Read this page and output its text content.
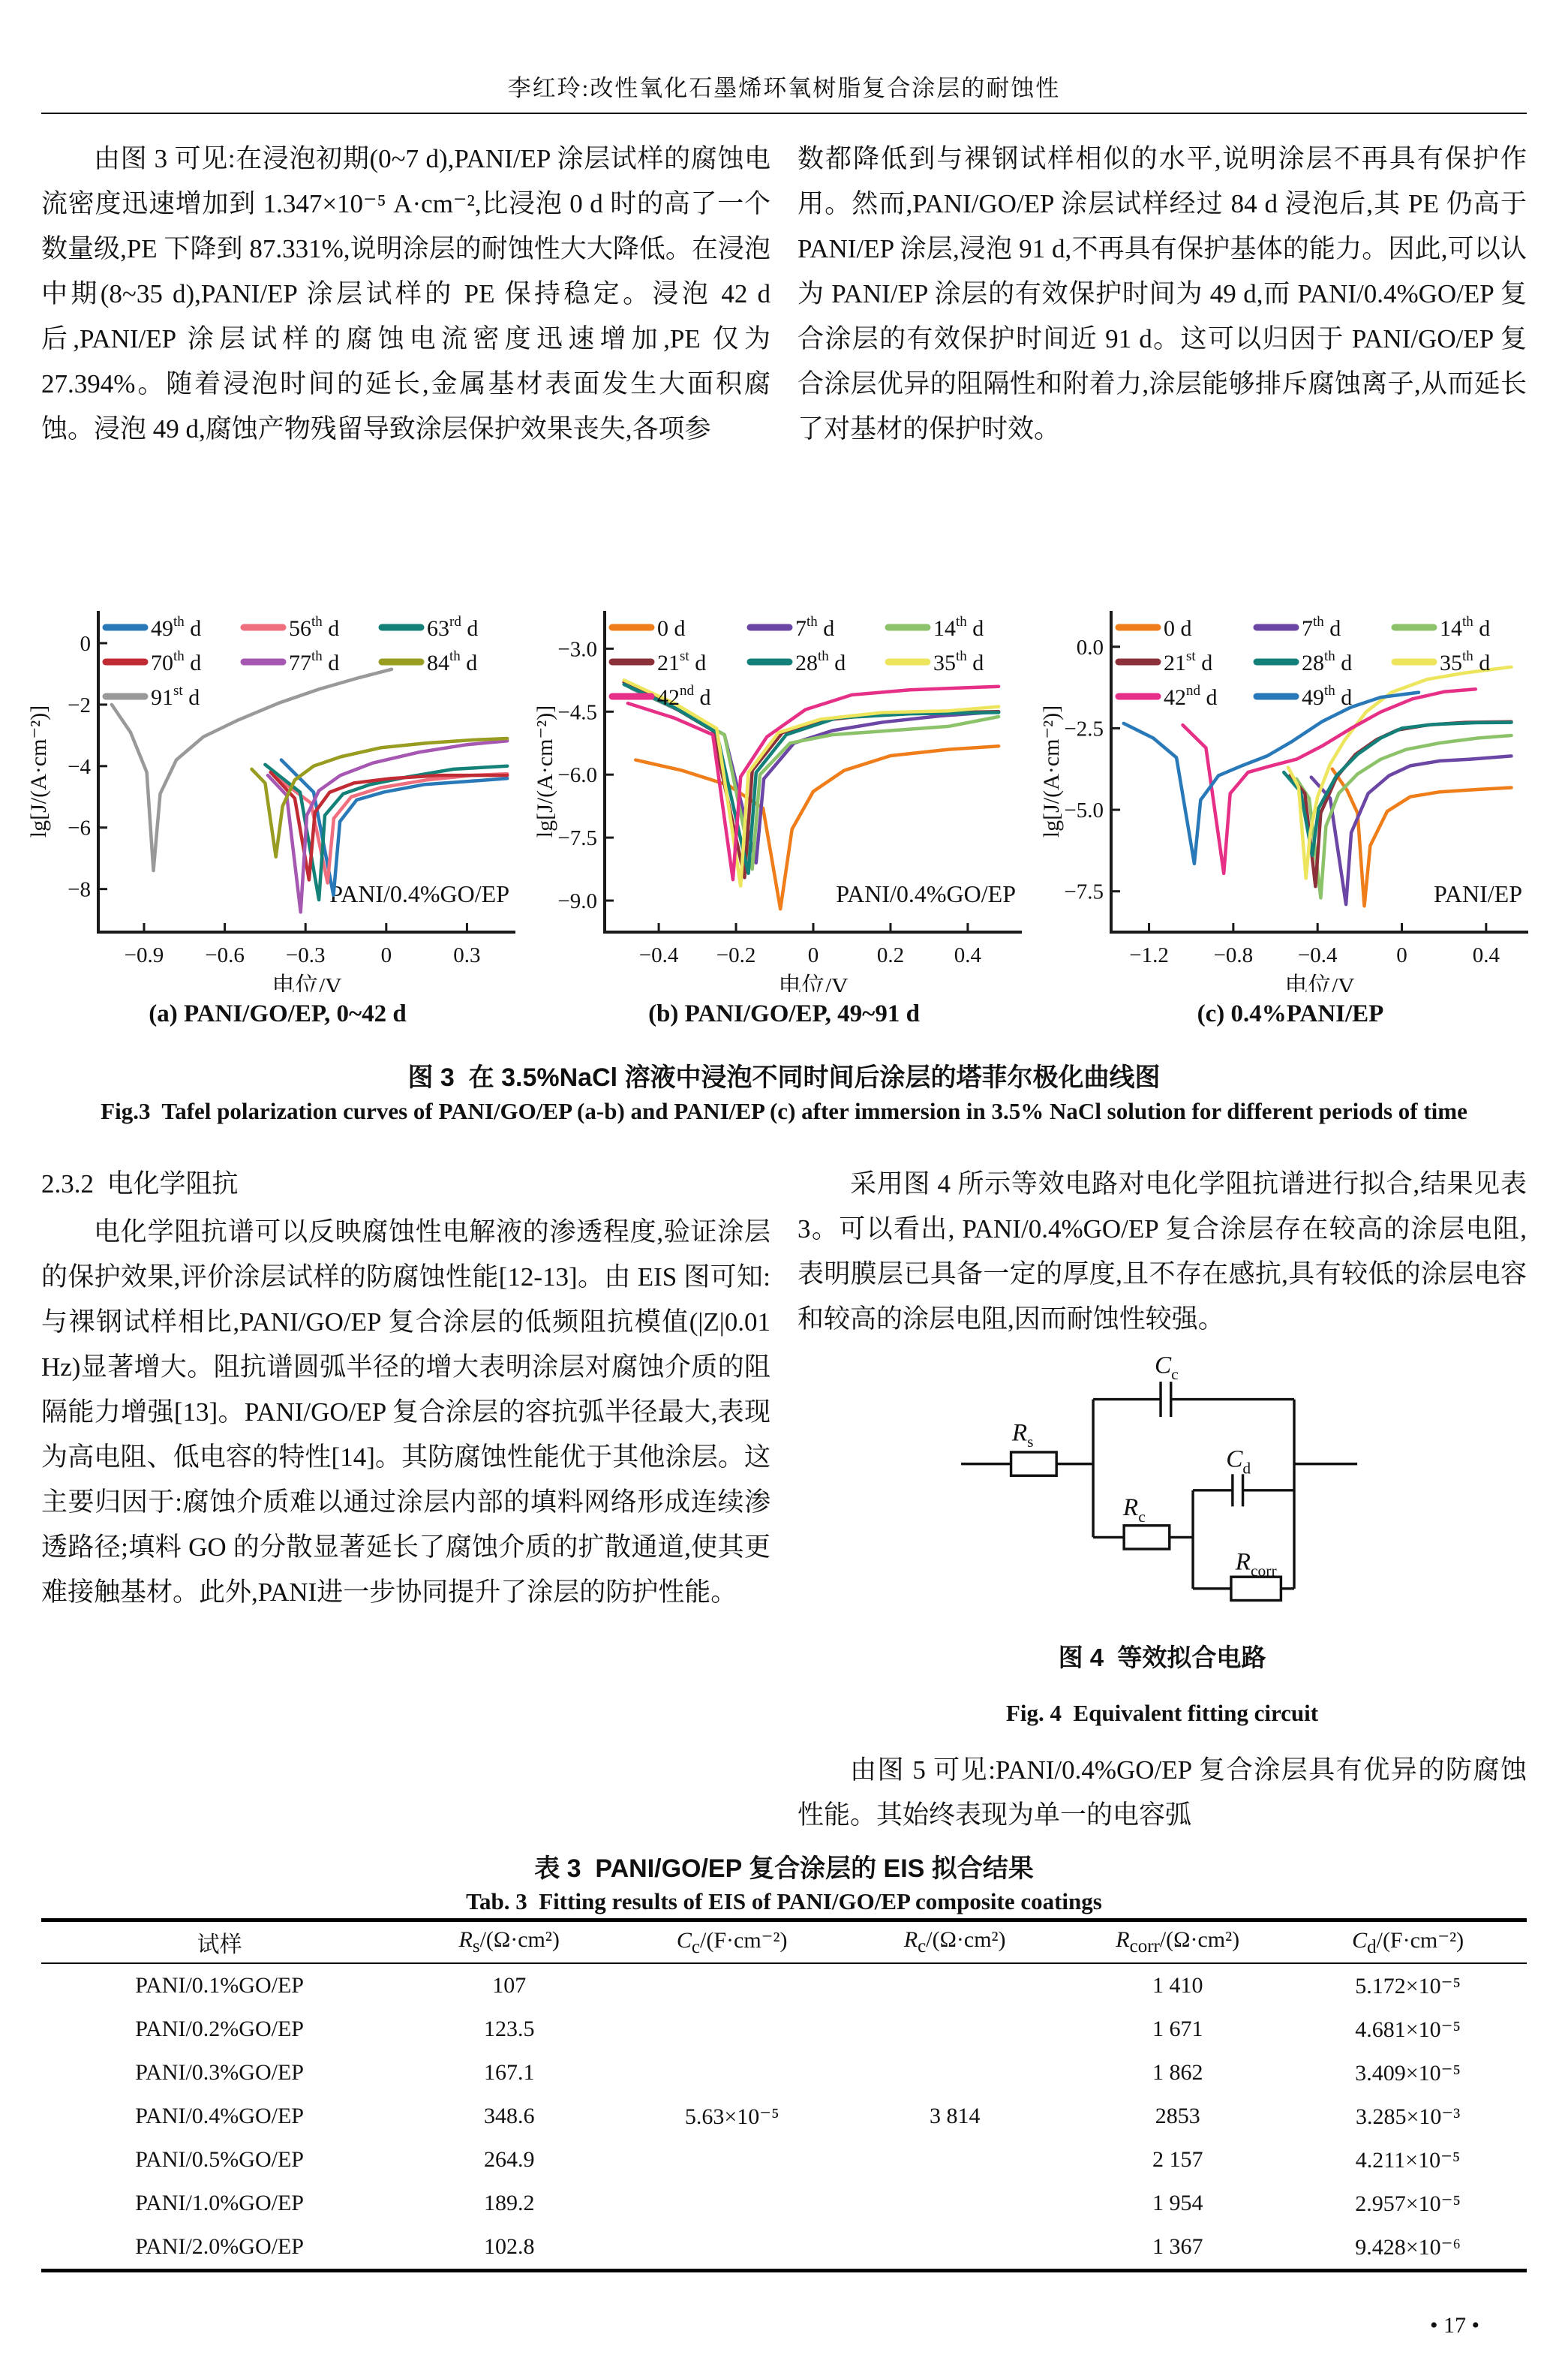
李红玲:改性氧化石墨烯环氧树脂复合涂层的耐蚀性

由图 3 可见:在浸泡初期(0~7 d),PANI/EP 涂层试样的腐蚀电流密度迅速增加到 1.347×10⁻⁵ A·cm⁻²,比浸泡 0 d 时的高了一个数量级,PE 下降到 87.331%,说明涂层的耐蚀性大大降低。在浸泡中期(8~35 d),PANI/EP 涂层试样的 PE 保持稳定。浸泡 42 d 后,PANI/EP 涂层试样的腐蚀电流密度迅速增加,PE 仅为 27.394%。随着浸泡时间的延长,金属基材表面发生大面积腐蚀。浸泡 49 d,腐蚀产物残留导致涂层保护效果丧失,各项参

数都降低到与裸钢试样相似的水平,说明涂层不再具有保护作用。然而,PANI/GO/EP 涂层试样经过 84 d 浸泡后,其 PE 仍高于 PANI/EP 涂层,浸泡 91 d,不再具有保护基体的能力。因此,可以认为 PANI/EP 涂层的有效保护时间为 49 d,而 PANI/0.4%GO/EP 复合涂层的有效保护时间近 91 d。这可以归因于 PANI/GO/EP 复合涂层优异的阻隔性和附着力,涂层能够排斥腐蚀离子,从而延长了对基材的保护时效。

−0.9 −0.6 −0.3	0	0.3
0
−2
−4
−6
−8
电位/V
lg[J/(A·cm⁻²)]
PANI/0.4%GO/EP
49th d	56th d	63rd d
70th d	77th d	84th d
91st d
(a) PANI/GO/EP, 0~42 d
−0.4 −0.2 0	0.2 0.4
−3.0
−4.5
−6.0
−7.5
−9.0
电位/V
lg[J/(A·cm⁻²)]
PANI/0.4%GO/EP
0 d	7th d	14th d
21st d	28th d	35th d
42nd d
(b) PANI/GO/EP, 49~91 d
−1.2 −0.8 −0.4	0	0.4
0.0
−2.5
−5.0
−7.5
电位/V
lg[J/(A·cm⁻²)]
PANI/EP
0 d	7th d	14th d
21st d	28th d	35th d
42nd d	49th d
(c) 0.4%PANI/EP
图 3  在 3.5%NaCl 溶液中浸泡不同时间后涂层的塔菲尔极化曲线图
Fig.3  Tafel polarization curves of PANI/GO/EP (a-b) and PANI/EP (c) after immersion in 3.5% NaCl solution for different periods of time
2.3.2  电化学阻抗

电化学阻抗谱可以反映腐蚀性电解液的渗透程度,验证涂层的保护效果,评价涂层试样的防腐蚀性能[12-13]。由 EIS 图可知:与裸钢试样相比,PANI/GO/EP 复合涂层的低频阻抗模值(|Z|0.01 Hz)显著增大。阻抗谱圆弧半径的增大表明涂层对腐蚀介质的阻隔能力增强[13]。PANI/GO/EP 复合涂层的容抗弧半径最大,表现为高电阻、低电容的特性[14]。其防腐蚀性能优于其他涂层。这主要归因于:腐蚀介质难以通过涂层内部的填料网络形成连续渗透路径;填料 GO 的分散显著延长了腐蚀介质的扩散通道,使其更难接触基材。此外,PANI进一步协同提升了涂层的防护性能。

采用图 4 所示等效电路对电化学阻抗谱进行拟合,结果见表 3。可以看出, PANI/0.4%GO/EP 复合涂层存在较高的涂层电阻,表明膜层已具备一定的厚度,且不存在感抗,具有较低的涂层电容和较高的涂层电阻,因而耐蚀性较强。

$R_s$
$C_c$
$R_c$
$C_d$
$R_{corr}$
图 4  等效拟合电路
Fig. 4  Equivalent fitting circuit

由图 5 可见:PANI/0.4%GO/EP 复合涂层具有优异的防腐蚀性能。其始终表现为单一的电容弧

表 3  PANI/GO/EP 复合涂层的 EIS 拟合结果
Tab. 3  Fitting results of EIS of PANI/GO/EP composite coatings
试样	$R_s/(\Omega\cdot cm^2)$	$C_c/(F\cdot cm^{-2})$	$R_c/(\Omega\cdot cm^2)$	$R_{corr}/(\Omega\cdot cm^2)$	$C_d/(F\cdot cm^{-2})$
PANI/0.1%GO/EP	107			1 410	5.172×10⁻⁵
PANI/0.2%GO/EP	123.5			1 671	4.681×10⁻⁵
PANI/0.3%GO/EP	167.1			1 862	3.409×10⁻⁵
PANI/0.4%GO/EP	348.6	5.63×10⁻⁵	3 814	2853	3.285×10⁻³
PANI/0.5%GO/EP	264.9			2 157	4.211×10⁻⁵
PANI/1.0%GO/EP	189.2			1 954	2.957×10⁻⁵
PANI/2.0%GO/EP	102.8			1 367	9.428×10⁻⁶
• 17 •
